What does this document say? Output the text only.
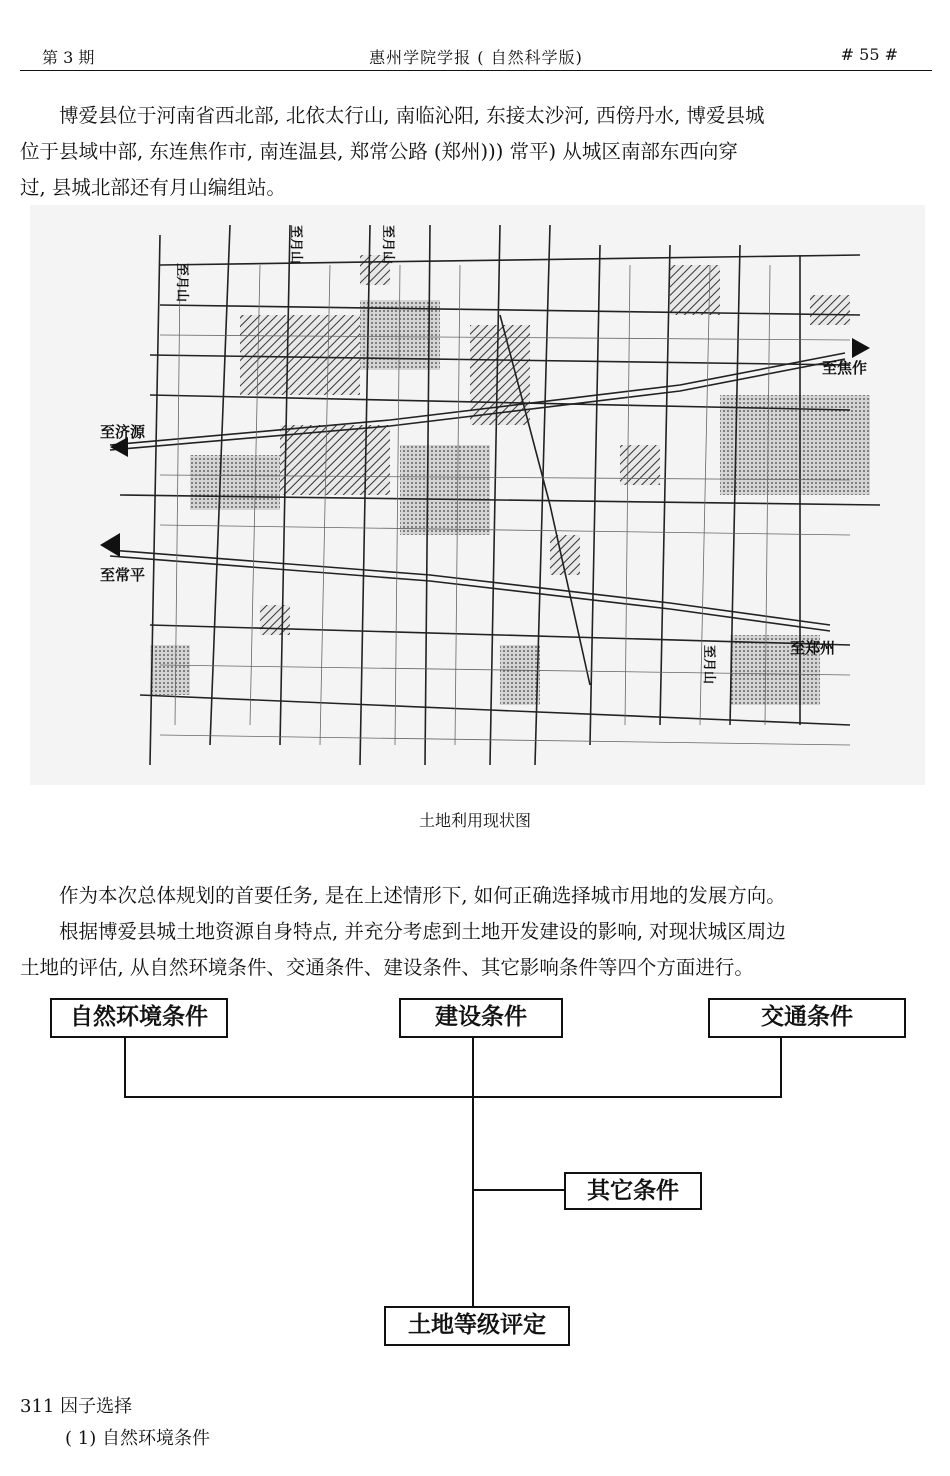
第 3 期	惠州学院学报 ( 自然科学版)	# 55 #
博爱县位于河南省西北部, 北依太行山, 南临沁阳, 东接太沙河, 西傍丹水, 博爱县城
位于县域中部, 东连焦作市, 南连温县, 郑常公路 (郑州))) 常平) 从城区南部东西向穿
过, 县城北部还有月山编组站。
至焦作
至济源
至常平
至郑州
至月山
至月山	至月山
至月山
土地利用现状图
作为本次总体规划的首要任务, 是在上述情形下, 如何正确选择城市用地的发展方向。
根据博爱县城土地资源自身特点, 并充分考虑到土地开发建设的影响, 对现状城区周边
土地的评估, 从自然环境条件、交通条件、建设条件、其它影响条件等四个方面进行。
自然环境条件	建设条件	交通条件
其它条件
土地等级评定
311 因子选择
( 1) 自然环境条件
